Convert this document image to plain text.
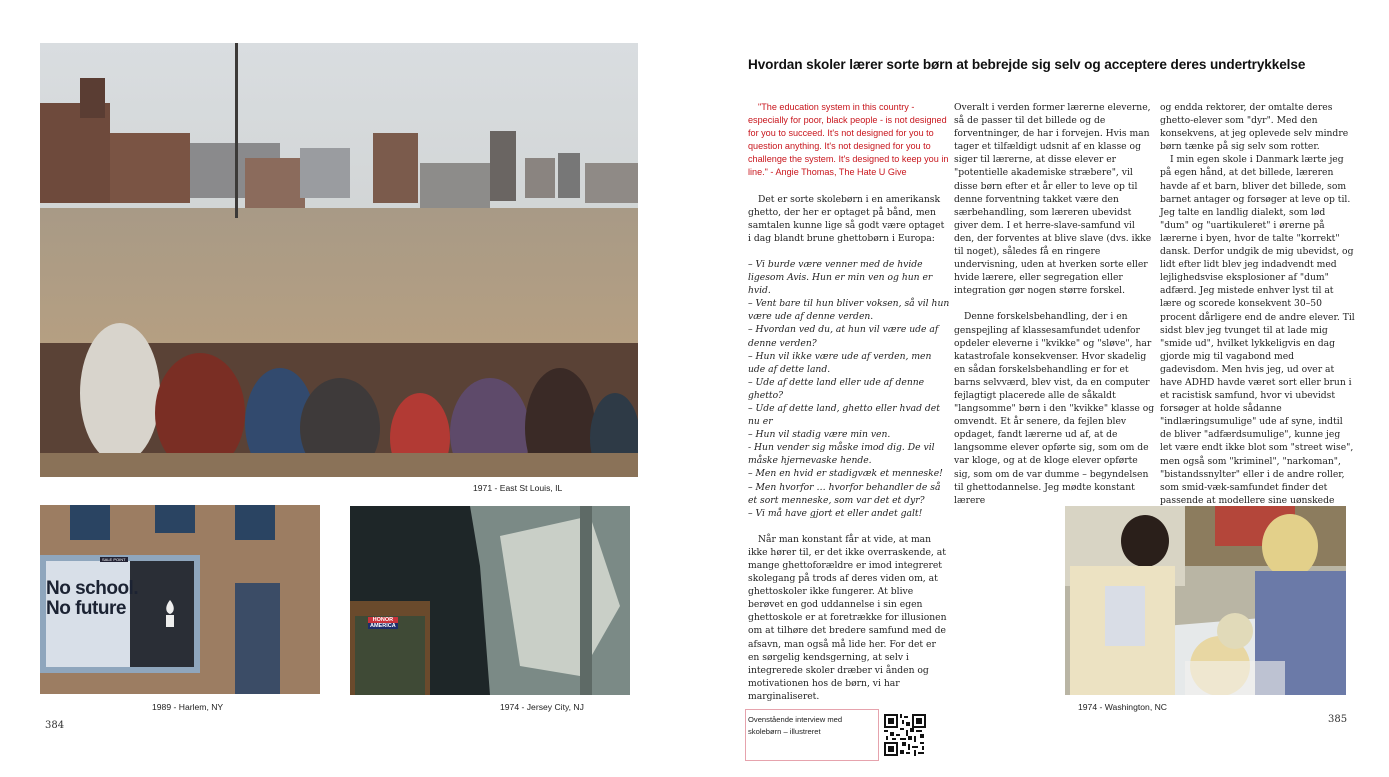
1971 - East St Louis, IL
No school.
No future
SALE POINT
1989 - Harlem, NY
HONOR
AMERICA
1974 - Jersey City, NJ
384
Hvordan skoler lærer sorte børn at bebrejde sig selv og acceptere deres undertrykkelse

"The education system in this country - especially for poor, black people - is not designed for you to succeed. It's not designed for you to question anything. It's not designed for you to challenge the system. It's designed to keep you in line." - Angie Thomas, The Hate U Give

Det er sorte skolebørn i en amerikansk ghetto, der her er optaget på bånd, men samtalen kunne lige så godt være optaget i dag blandt brune ghettobørn i Europa:

– Vi burde være venner med de hvide ligesom Avis. Hun er min ven og hun er hvid.

– Vent bare til hun bliver voksen, så vil hun være ude af denne verden.

– Hvordan ved du, at hun vil være ude af denne verden?

– Hun vil ikke være ude af verden, men ude af dette land.

– Ude af dette land eller ude af denne ghetto?

– Ude af dette land, ghetto eller hvad det nu er

– Hun vil stadig være min ven.

- Hun vender sig måske imod dig. De vil måske hjernevaske hende.

– Men en hvid er stadigvæk et menneske!

– Men hvorfor … hvorfor behandler de så et sort menneske, som var det et dyr?

– Vi må have gjort et eller andet galt!

Når man konstant får at vide, at man ikke hører til, er det ikke overraskende, at mange ghettoforældre er imod integreret skolegang på trods af deres viden om, at ghettoskoler ikke fungerer. At blive berøvet en god uddannelse i sin egen ghettoskole er at foretrække for illusionen om at tilhøre det bredere samfund med de afsavn, man også må lide her. For det er en sørgelig kendsgerning, at selv i integrerede skoler dræber vi ånden og motivationen hos de børn, vi har marginaliseret.

Overalt i verden former lærerne eleverne, så de passer til det billede og de forventninger, de har i forvejen. Hvis man tager et tilfældigt udsnit af en klasse og siger til lærerne, at disse elever er "potentielle akademiske stræbere", vil disse børn efter et år eller to leve op til denne forventning takket være den særbehandling, som læreren ubevidst giver dem. I et herre-slave-samfund vil den, der forventes at blive slave (dvs. ikke til noget), således få en ringere undervisning, uden at hverken sorte eller hvide lærere, eller segregation eller integration gør nogen større forskel.

Denne forskelsbehandling, der i en genspejling af klassesamfundet udenfor opdeler eleverne i "kvikke" og "sløve", har katastrofale konsekvenser. Hvor skadelig en sådan forskelsbehandling er for et barns selvværd, blev vist, da en computer fejlagtigt placerede alle de såkaldt "langsomme" børn i den "kvikke" klasse og omvendt. Et år senere, da fejlen blev opdaget, fandt lærerne ud af, at de langsomme elever opførte sig, som om de var kloge, og at de kloge elever opførte sig, som om de var dumme – begyndelsen til ghettodannelse. Jeg mødte konstant lærere

og endda rektorer, der omtalte deres ghetto-elever som "dyr". Med den konsekvens, at jeg oplevede selv mindre børn tænke på sig selv som rotter.

I min egen skole i Danmark lærte jeg på egen hånd, at det billede, læreren havde af et barn, bliver det billede, som barnet antager og forsøger at leve op til. Jeg talte en landlig dialekt, som lød "dum" og "uartikuleret" i ørerne på lærerne i byen, hvor de talte "korrekt" dansk. Derfor undgik de mig ubevidst, og lidt efter lidt blev jeg indadvendt med lejlighedsvise eksplosioner af "dum" adfærd. Jeg mistede enhver lyst til at lære og scorede konsekvent 30–50 procent dårligere end de andre elever. Til sidst blev jeg tvunget til at lade mig "smide ud", hvilket lykkeligvis en dag gjorde mig til vagabond med gadevisdom. Men hvis jeg, ud over at have ADHD havde været sort eller brun i et racistisk samfund, hvor vi ubevidst forsøger at holde sådanne "indlæringsumulige" ude af syne, indtil de bliver "adfærdsumulige", kunne jeg let være endt ikke blot som "street wise", men også som "kriminel", "narkoman", "bistandssnylter" eller i de andre roller, som smid-væk-samfundet finder det passende at modellere sine uønskede

1974 - Washington, NC
385
Ovenstående interview med skolebørn – illustreret
